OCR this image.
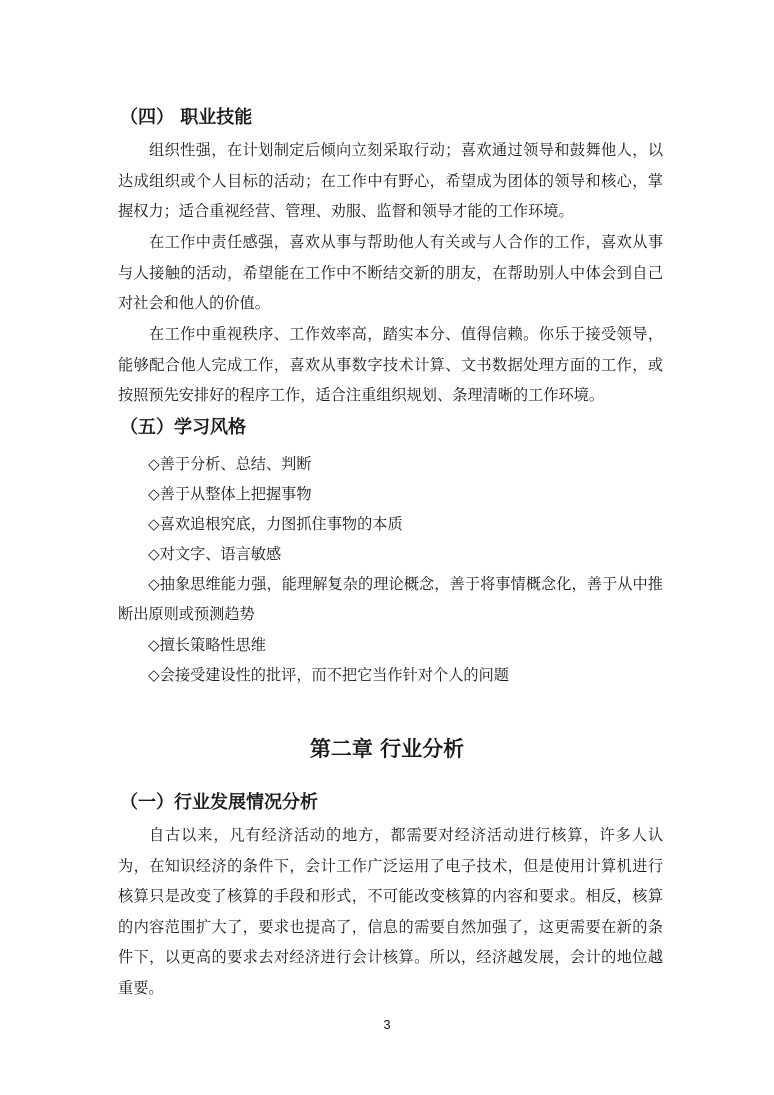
（四） 职业技能
组织性强，在计划制定后倾向立刻采取行动；喜欢通过领导和鼓舞他人，以达成组织或个人目标的活动；在工作中有野心，希望成为团体的领导和核心，掌握权力；适合重视经营、管理、劝服、监督和领导才能的工作环境。
在工作中责任感强，喜欢从事与帮助他人有关或与人合作的工作，喜欢从事与人接触的活动，希望能在工作中不断结交新的朋友，在帮助别人中体会到自己对社会和他人的价值。
在工作中重视秩序、工作效率高，踏实本分、值得信赖。你乐于接受领导，能够配合他人完成工作，喜欢从事数字技术计算、文书数据处理方面的工作，或按照预先安排好的程序工作，适合注重组织规划、条理清晰的工作环境。
（五）学习风格
◇善于分析、总结、判断
◇善于从整体上把握事物
◇喜欢追根究底，力图抓住事物的本质
◇对文字、语言敏感
◇抽象思维能力强，能理解复杂的理论概念，善于将事情概念化，善于从中推断出原则或预测趋势
◇擅长策略性思维
◇会接受建设性的批评，而不把它当作针对个人的问题
第二章 行业分析
（一）行业发展情况分析
自古以来，凡有经济活动的地方，都需要对经济活动进行核算，许多人认为，在知识经济的条件下，会计工作广泛运用了电子技术，但是使用计算机进行核算只是改变了核算的手段和形式，不可能改变核算的内容和要求。相反，核算的内容范围扩大了，要求也提高了，信息的需要自然加强了，这更需要在新的条件下，以更高的要求去对经济进行会计核算。所以，经济越发展，会计的地位越重要。
3
